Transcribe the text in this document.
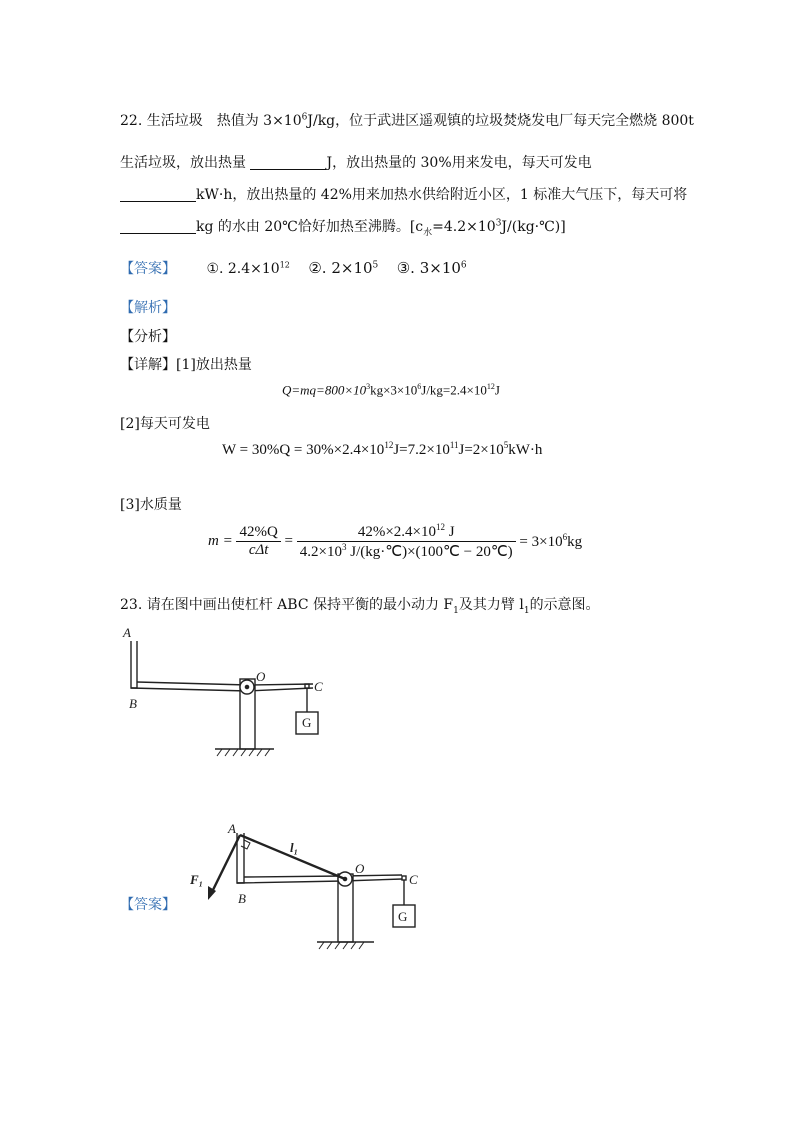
22. 生活垃圾　热值为 $3\times 10^6J/kg$，位于武进区遥观镇的垃圾焚烧发电厂每天完全燃烧 800t
生活垃圾，放出热量	J，放出热量的 30%用来发电，每天可发电
kW·h，放出热量的 42%用来加热水供给附近小区，1 标准大气压下，每天可将
kg 的水由 20℃恰好加热至沸腾。$[c_水=4.2\times 10^3J/(kg\cdot℃)]$
【答案】 ①. $2.4\times 10^{12}$ ②. $2\times 10^5$ ③. $3\times 10^6$
【解析】
【分析】
【详解】[1]放出热量
$Q=mq=800\times 10^3kg\times 3\times 10^6J/kg=2.4\times 10^{12}J$
[2]每天可发电
$W = 30\%Q = 30\%\times 2.4\times 10^{12}J=7.2\times 10^{11}J=2\times 10^5kW\cdot h$
[3]水质量
$m = \frac{42\%Q}{\text{cΔt}} = \frac{42\%\times 2.4\times 10^{12} J}{4.2\times 10^3 J/(kg\cdot℃)\times(100℃ - 20℃)} = 3\times 10^6kg$
23. 请在图中画出使杠杆 ABC 保持平衡的最小动力 $F_1$及其力臂 $l_1$的示意图。
A
B
O
C
G
A
B
O
C
G
F₁
l₁
【答案】
